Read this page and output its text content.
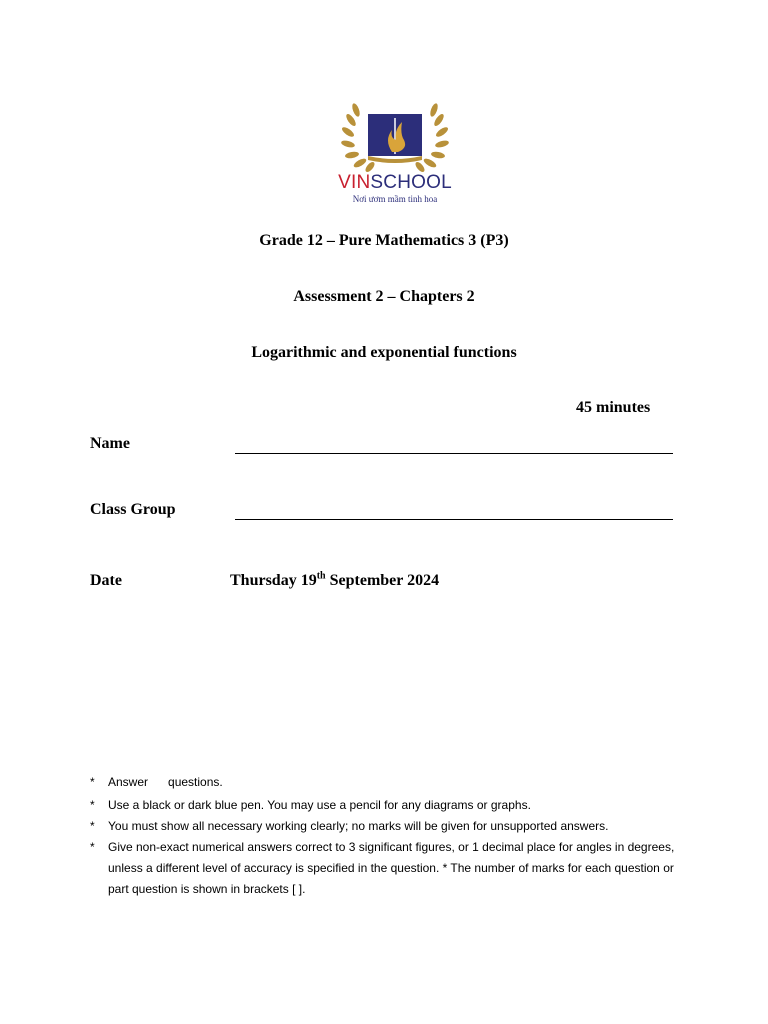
VINSCHOOL
Nơi ươm mầm tinh hoa
Grade 12 – Pure Mathematics 3 (P3)
Assessment 2 – Chapters 2
Logarithmic and exponential functions
45 minutes
Name
Class Group
Date	Thursday 19th September 2024
*	Answer      questions.
*	Use a black or dark blue pen. You may use a pencil for any diagrams or graphs.
*	You must show all necessary working clearly; no marks will be given for unsupported answers.
*	Give non-exact numerical answers correct to 3 significant figures, or 1 decimal place for angles in degrees, unless a different level of accuracy is specified in the question. * The number of marks for each question or part question is shown in brackets [ ].
